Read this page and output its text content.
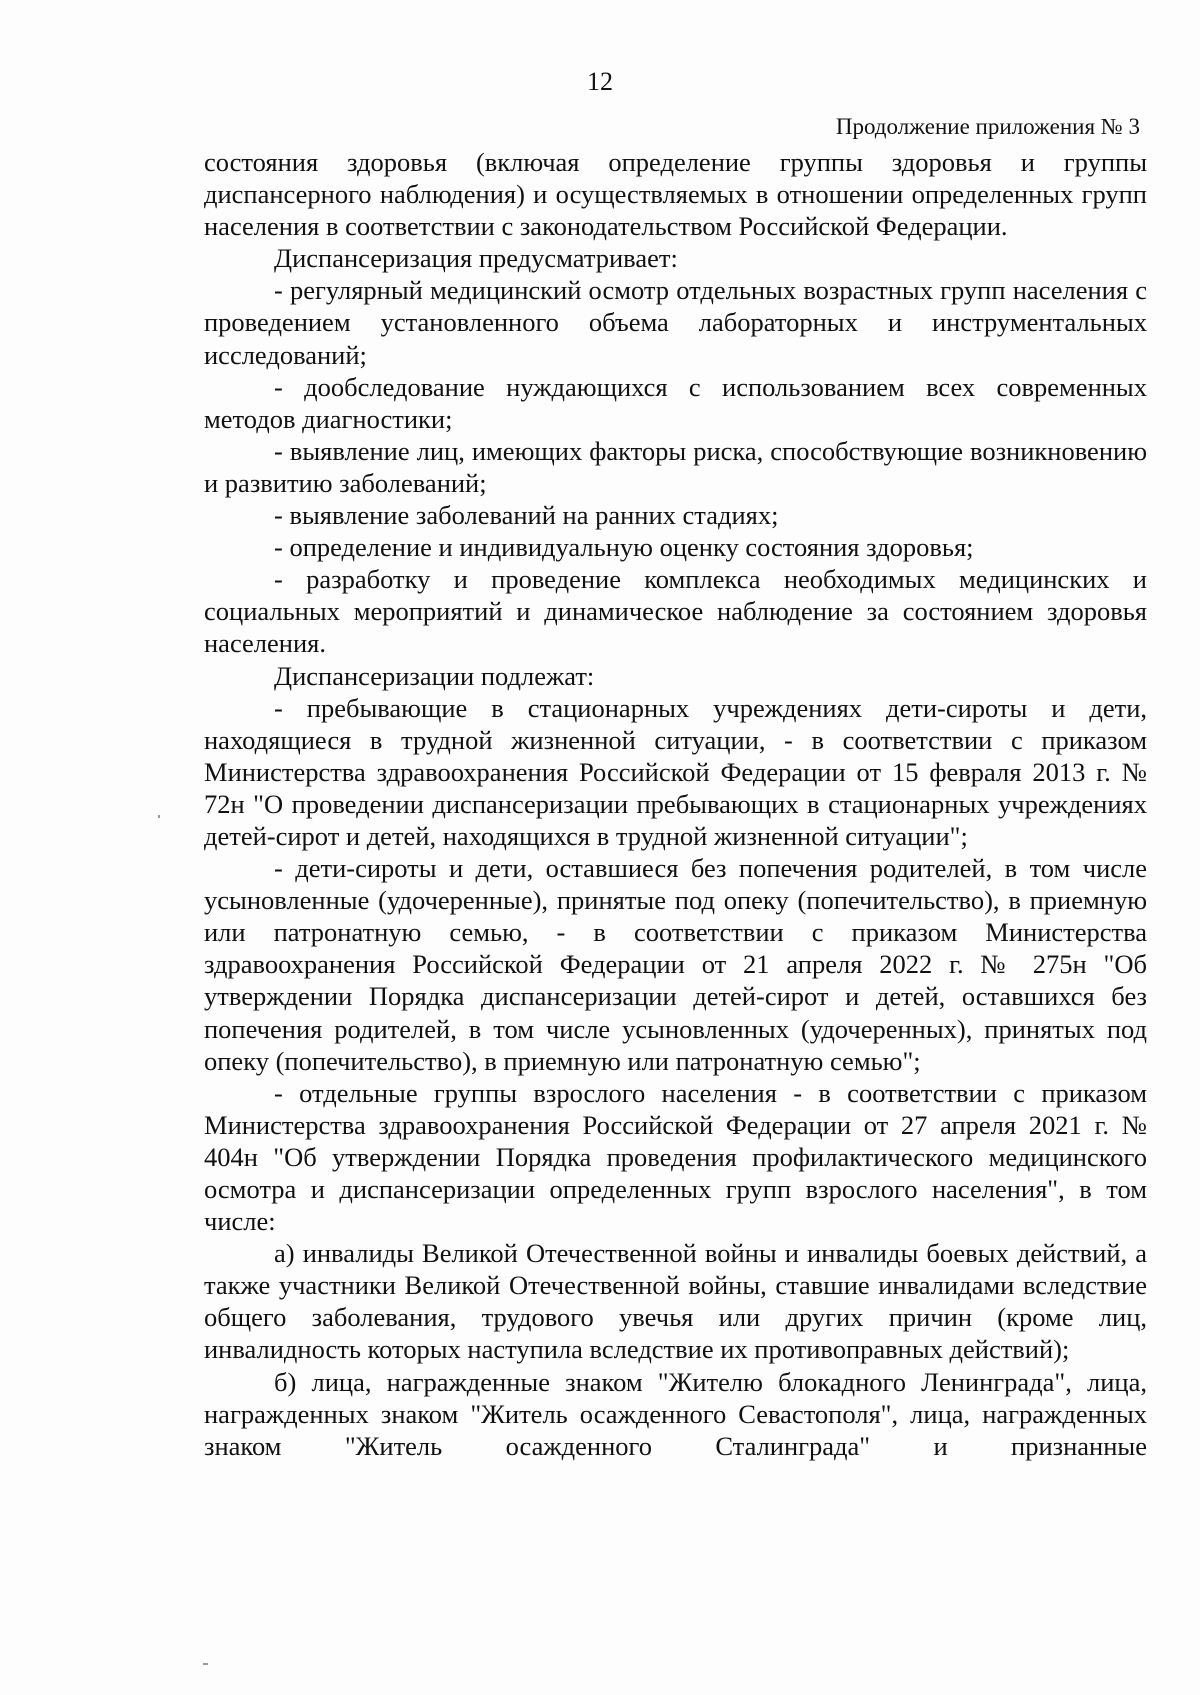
12
Продолжение приложения № 3

состояния здоровья (включая определение группы здоровья и группы диспансерного наблюдения) и осуществляемых в отношении определенных групп населения в соответствии с законодательством Российской Федерации.

Диспансеризация предусматривает:

- регулярный медицинский осмотр отдельных возрастных групп населения с проведением установленного объема лабораторных и инструментальных исследований;

- дообследование нуждающихся с использованием всех современных методов диагностики;

- выявление лиц, имеющих факторы риска, способствующие возникновению и развитию заболеваний;

- выявление заболеваний на ранних стадиях;

- определение и индивидуальную оценку состояния здоровья;

- разработку и проведение комплекса необходимых медицинских и социальных мероприятий и динамическое наблюдение за состоянием здоровья населения.

Диспансеризации подлежат:

- пребывающие в стационарных учреждениях дети-сироты и дети, находящиеся в трудной жизненной ситуации, - в соответствии с приказом Министерства здравоохранения Российской Федерации от 15 февраля 2013 г. № 72н "О проведении диспансеризации пребывающих в стационарных учреждениях детей-сирот и детей, находящихся в трудной жизненной ситуации";

- дети-сироты и дети, оставшиеся без попечения родителей, в том числе усыновленные (удочеренные), принятые под опеку (попечительство), в приемную или патронатную семью, - в соответствии с приказом Министерства здравоохранения Российской Федерации от 21 апреля 2022 г. № 275н "Об утверждении Порядка диспансеризации детей-сирот и детей, оставшихся без попечения родителей, в том числе усыновленных (удочеренных), принятых под опеку (попечительство), в приемную или патронатную семью";

- отдельные группы взрослого населения - в соответствии с приказом Министерства здравоохранения Российской Федерации от 27 апреля 2021 г. № 404н "Об утверждении Порядка проведения профилактического медицинского осмотра и диспансеризации определенных групп взрослого населения", в том числе:

а) инвалиды Великой Отечественной войны и инвалиды боевых действий, а также участники Великой Отечественной войны, ставшие инвалидами вследствие общего заболевания, трудового увечья или других причин (кроме лиц, инвалидность которых наступила вследствие их противоправных действий);

б) лица, награжденные знаком "Жителю блокадного Ленинграда", лица, награжденных знаком "Житель осажденного Севастополя", лица, награжденных знаком "Житель осажденного Сталинграда" и признанные
